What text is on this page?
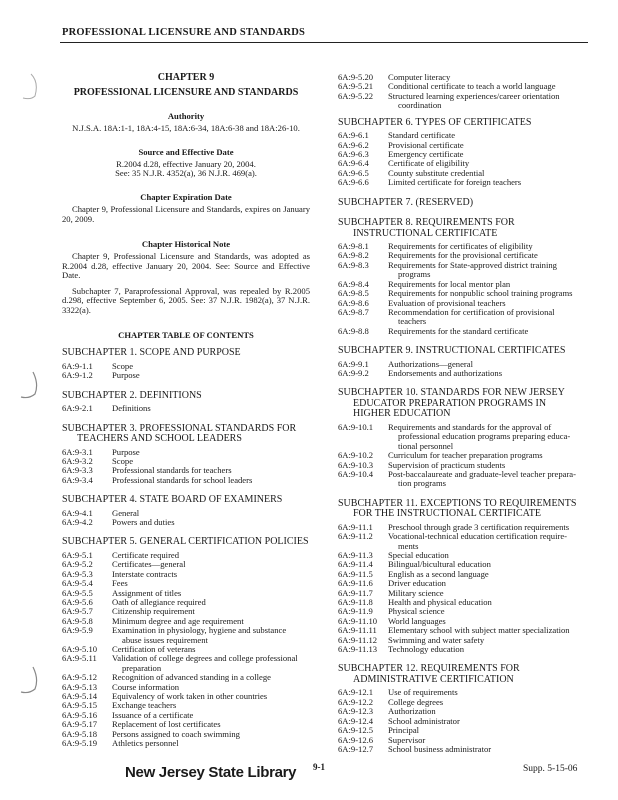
PROFESSIONAL LICENSURE AND STANDARDS
CHAPTER 9
PROFESSIONAL LICENSURE AND STANDARDS
Authority
N.J.S.A. 18A:1-1, 18A:4-15, 18A:6-34, 18A:6-38 and 18A:26-10.
Source and Effective Date
R.2004 d.28, effective January 20, 2004.
See: 35 N.J.R. 4352(a), 36 N.J.R. 469(a).
Chapter Expiration Date
Chapter 9, Professional Licensure and Standards, expires on January 20, 2009.
Chapter Historical Note
Chapter 9, Professional Licensure and Standards, was adopted as R.2004 d.28, effective January 20, 2004. See: Source and Effective Date.
Subchapter 7, Paraprofessional Approval, was repealed by R.2005 d.298, effective September 6, 2005. See: 37 N.J.R. 1982(a), 37 N.J.R. 3322(a).
CHAPTER TABLE OF CONTENTS
SUBCHAPTER 1. SCOPE AND PURPOSE
6A:9-1.1	Scope
6A:9-1.2	Purpose
SUBCHAPTER 2. DEFINITIONS
6A:9-2.1	Definitions
SUBCHAPTER 3. PROFESSIONAL STANDARDS FOR
TEACHERS AND SCHOOL LEADERS
6A:9-3.1	Purpose
6A:9-3.2	Scope
6A:9-3.3	Professional standards for teachers
6A:9-3.4	Professional standards for school leaders
SUBCHAPTER 4. STATE BOARD OF EXAMINERS
6A:9-4.1	General
6A:9-4.2	Powers and duties
SUBCHAPTER 5. GENERAL CERTIFICATION POLICIES
6A:9-5.1	Certificate required
6A:9-5.2	Certificates—general
6A:9-5.3	Interstate contracts
6A:9-5.4	Fees
6A:9-5.5	Assignment of titles
6A:9-5.6	Oath of allegiance required
6A:9-5.7	Citizenship requirement
6A:9-5.8	Minimum degree and age requirement
6A:9-5.9	Examination in physiology, hygiene and substance
abuse issues requirement
6A:9-5.10	Certification of veterans
6A:9-5.11	Validation of college degrees and college professional
preparation
6A:9-5.12	Recognition of advanced standing in a college
6A:9-5.13	Course information
6A:9-5.14	Equivalency of work taken in other countries
6A:9-5.15	Exchange teachers
6A:9-5.16	Issuance of a certificate
6A:9-5.17	Replacement of lost certificates
6A:9-5.18	Persons assigned to coach swimming
6A:9-5.19	Athletics personnel
6A:9-5.20	Computer literacy
6A:9-5.21	Conditional certificate to teach a world language
6A:9-5.22	Structured learning experiences/career orientation
coordination
SUBCHAPTER 6. TYPES OF CERTIFICATES
6A:9-6.1	Standard certificate
6A:9-6.2	Provisional certificate
6A:9-6.3	Emergency certificate
6A:9-6.4	Certificate of eligibility
6A:9-6.5	County substitute credential
6A:9-6.6	Limited certificate for foreign teachers
SUBCHAPTER 7. (RESERVED)
SUBCHAPTER 8. REQUIREMENTS FOR
INSTRUCTIONAL CERTIFICATE
6A:9-8.1	Requirements for certificates of eligibility
6A:9-8.2	Requirements for the provisional certificate
6A:9-8.3	Requirements for State-approved district training
programs
6A:9-8.4	Requirements for local mentor plan
6A:9-8.5	Requirements for nonpublic school training programs
6A:9-8.6	Evaluation of provisional teachers
6A:9-8.7	Recommendation for certification of provisional
teachers
6A:9-8.8	Requirements for the standard certificate
SUBCHAPTER 9. INSTRUCTIONAL CERTIFICATES
6A:9-9.1	Authorizations—general
6A:9-9.2	Endorsements and authorizations
SUBCHAPTER 10. STANDARDS FOR NEW JERSEY
EDUCATOR PREPARATION PROGRAMS IN
HIGHER EDUCATION
6A:9-10.1	Requirements and standards for the approval of
professional education programs preparing educa-
tional personnel
6A:9-10.2	Curriculum for teacher preparation programs
6A:9-10.3	Supervision of practicum students
6A:9-10.4	Post-baccalaureate and graduate-level teacher prepara-
tion programs
SUBCHAPTER 11. EXCEPTIONS TO REQUIREMENTS
FOR THE INSTRUCTIONAL CERTIFICATE
6A:9-11.1	Preschool through grade 3 certification requirements
6A:9-11.2	Vocational-technical education certification require-
ments
6A:9-11.3	Special education
6A:9-11.4	Bilingual/bicultural education
6A:9-11.5	English as a second language
6A:9-11.6	Driver education
6A:9-11.7	Military science
6A:9-11.8	Health and physical education
6A:9-11.9	Physical science
6A:9-11.10	World languages
6A:9-11.11	Elementary school with subject matter specialization
6A:9-11.12	Swimming and water safety
6A:9-11.13	Technology education
SUBCHAPTER 12. REQUIREMENTS FOR
ADMINISTRATIVE CERTIFICATION
6A:9-12.1	Use of requirements
6A:9-12.2	College degrees
6A:9-12.3	Authorization
6A:9-12.4	School administrator
6A:9-12.5	Principal
6A:9-12.6	Supervisor
6A:9-12.7	School business administrator
New Jersey State Library 9-1	Supp. 5-15-06
